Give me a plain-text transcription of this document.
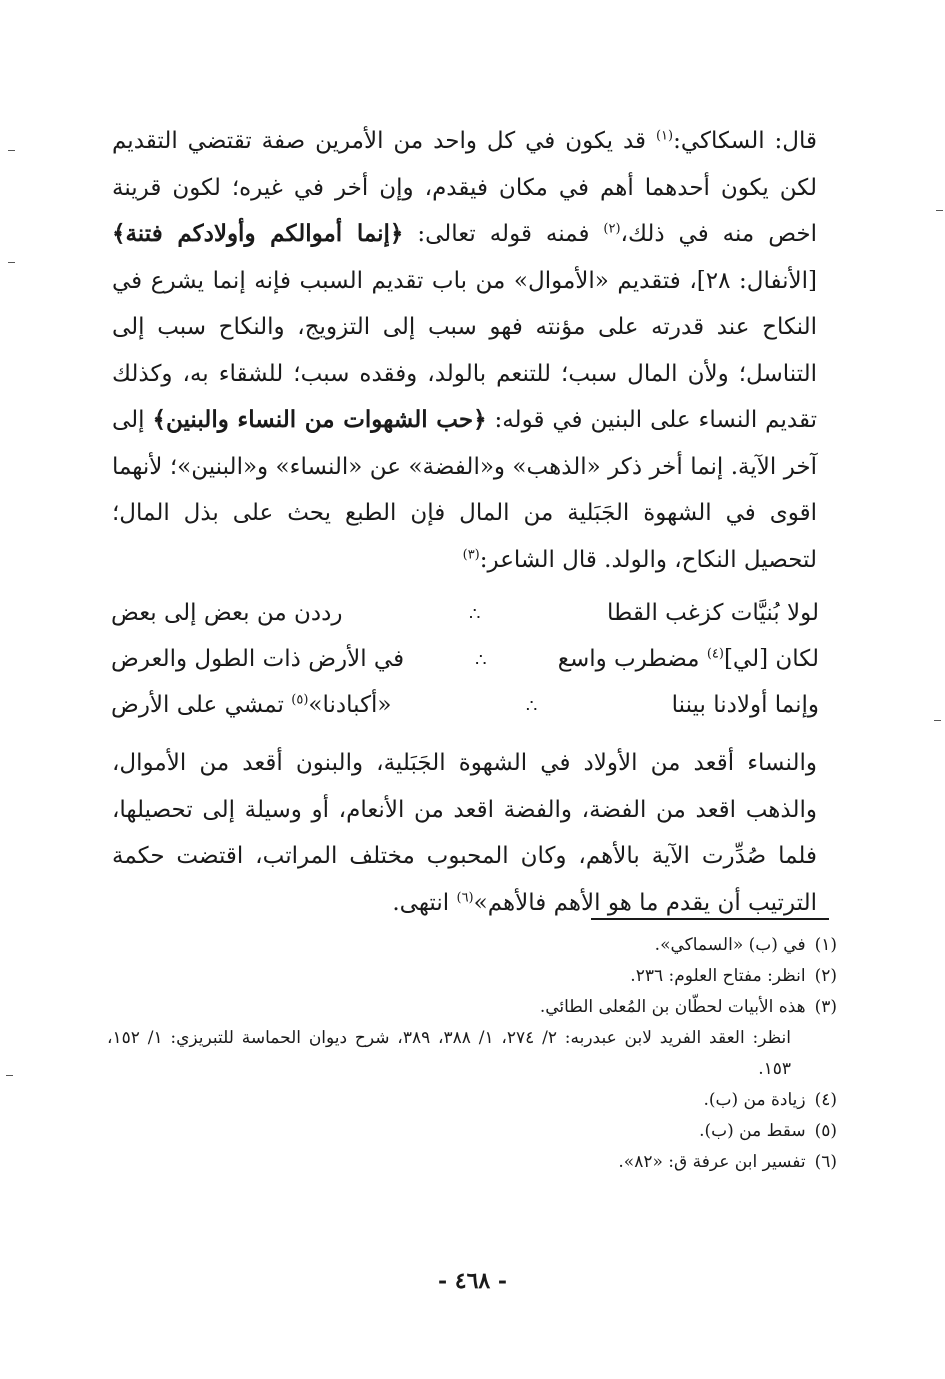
قال: السكاكي:$^{(١)}$ قد يكون في كل واحد من الأمرين صفة تقتضي التقديم لكن يكون أحدهما أهم في مكان فيقدم، وإن أخر في غيره؛ لكون قرينة اخص منه في ذلك،$^{(٢)}$ فمنه قوله تعالى: ﴿إنما أموالكم وأولادكم فتنة﴾ [الأنفال: ٢٨]، فتقديم «الأموال» من باب تقديم السبب فإنه إنما يشرع في النكاح عند قدرته على مؤنته فهو سبب إلى التزويج، والنكاح سبب إلى التناسل؛ ولأن المال سبب؛ للتنعم بالولد، وفقده سبب؛ للشقاء به، وكذلك تقديم النساء على البنين في قوله: ﴿حب الشهوات من النساء والبنين﴾ إلى آخر الآية. إنما أخر ذكر «الذهب» و«الفضة» عن «النساء» و«البنين»؛ لأنهما اقوى في الشهوة الجَبَلية من المال فإن الطبع يحث على بذل المال؛ لتحصيل النكاح، والولد. قال الشاعر:$^{(٣)}$

لولا بُنيَّات كزغب القطا
∴
رددن من بعض إلى بعض
لكان [لي]$^{(٤)}$ مضطرب واسع
∴
في الأرض ذات الطول والعرض
وإنما أولادنا بيننا
∴
«أكبادنا»$^{(٥)}$ تمشي على الأرض

والنساء أقعد من الأولاد في الشهوة الجَبَلية، والبنون أقعد من الأموال، والذهب اقعد من الفضة، والفضة اقعد من الأنعام، أو وسيلة إلى تحصيلها، فلما صُدِّرت الآية بالأهم، وكان المحبوب مختلف المراتب، اقتضت حكمة الترتيب أن يقدم ما هو الأهم فالأهم»$^{(٦)}$ انتهى.

(١) في (ب) «السماكي».
(٢) انظر: مفتاح العلوم: ٢٣٦.
(٣) هذه الأبيات لحطّان بن المُعلى الطائي.
انظر: العقد الفريد لابن عبدربه: ٢/ ٢٧٤، ١/ ٣٨٨، ٣٨٩، شرح ديوان الحماسة للتبريزي: ١/ ١٥٢، ١٥٣.
(٤) زيادة من (ب).
(٥) سقط من (ب).
(٦) تفسير ابن عرفة ق: «٨٢».
- ٤٦٨ -
